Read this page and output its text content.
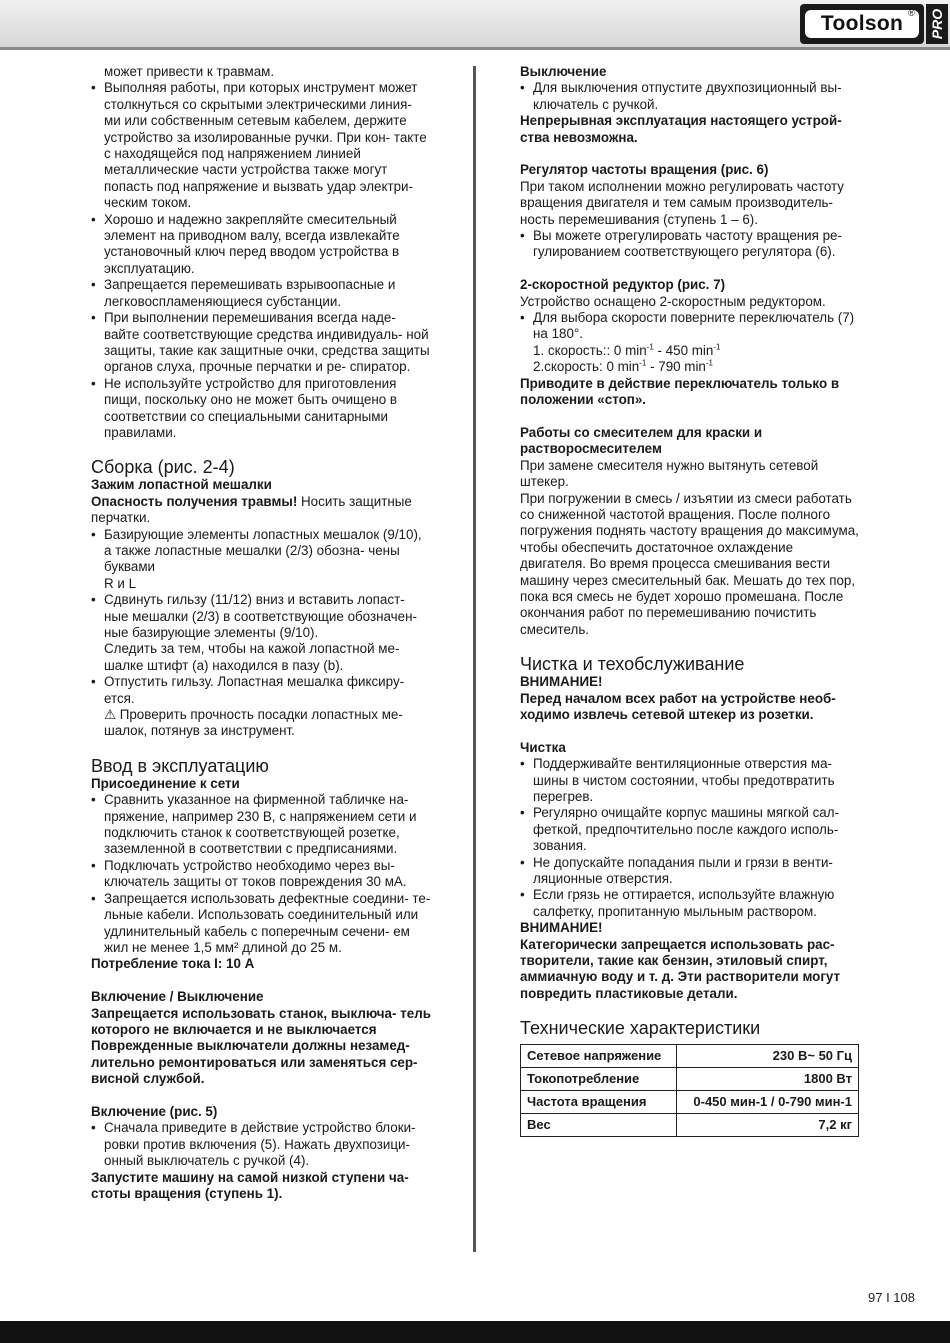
Toolson ® PRO

может привести к травмам.

• Выполняя работы, при которых инструмент может столкнуться со скрытыми электрическими линия- ми или собственным сетевым кабелем, держите устройство за изолированные ручки. При кон- такте с находящейся под напряжением линией металлические части устройства также могут попасть под напряжение и вызвать удар электри- ческим током.
• Хорошо и надежно закрепляйте смесительный элемент на приводном валу, всегда извлекайте установочный ключ перед вводом устройства в эксплуатацию.
• Запрещается перемешивать взрывоопасные и легковоспламеняющиеся субстанции.
• При выполнении перемешивания всегда наде- вайте соответствующие средства индивидуаль- ной защиты, такие как защитные очки, средства защиты органов слуха, прочные перчатки и ре- спиратор.
• Не используйте устройство для приготовления пищи, поскольку оно не может быть очищено в соответствии со специальными санитарными правилами.
Сборка (рис. 2-4)

Зажим лопастной мешалки

Опасность получения травмы! Носить защитные перчатки.

• Базирующие элементы лопастных мешалок (9/10), а также лопастные мешалки (2/3) обозна- чены буквами
R и L
• Сдвинуть гильзу (11/12) вниз и вставить лопаст- ные мешалки (2/3) в соответствующие обозначен- ные базирующие элементы (9/10).
Следить за тем, чтобы на кажой лопастной ме- шалке штифт (a) находился в пазу (b).
• Отпустить гильзу. Лопастная мешалка фиксиру- ется.
⚠ Проверить прочность посадки лопастных ме- шалок, потянув за инструмент.
Ввод в эксплуатацию

Присоединение к сети

• Сравнить указанное на фирменной табличке на- пряжение, например 230 В, с напряжением сети и подключить станок к соответствующей розетке, заземленной в соответствии с предписаниями.
• Подключать устройство необходимо через вы- ключатель защиты от токов повреждения 30 мА.
• Запрещается использовать дефектные соедини- те- льные кабели. Использовать соединительный или удлинительный кабель с поперечным сечени- ем жил не менее 1,5 мм² длиной до 25 м.

Потребление тока I: 10 А

Включение / Выключение

Запрещается использовать станок, выключа- тель которого не включается и не выключается Поврежденные выключатели должны незамед- лительно ремонтироваться или заменяться сер- висной службой.

Включение (рис. 5)

• Сначала приведите в действие устройство блоки- ровки против включения (5). Нажать двухпозици- онный выключатель с ручкой (4).

Запустите машину на самой низкой ступени ча- стоты вращения (ступень 1).

Выключение

• Для выключения отпустите двухпозиционный вы- ключатель с ручкой.

Непрерывная эксплуатация настоящего устрой- ства невозможна.

Регулятор частоты вращения (рис. 6)

При таком исполнении можно регулировать частоту вращения двигателя и тем самым производитель- ность перемешивания (ступень 1 – 6).

• Вы можете отрегулировать частоту вращения ре- гулированием соответствующего регулятора (6).

2-скоростной редуктор (рис. 7)

Устройство оснащено 2-скоростным редуктором.

• Для выбора скорости поверните переключатель (7) на 180°.
1. скорость:: 0 $\min^{-1} - 450$ $\min^{-1}$
2.скорость: 0 $\min^{-1} - 790$ $\min^{-1}$

Приводите в действие переключатель только в положении «стоп».

Работы со смесителем для краски и растворосмесителем

При замене смесителя нужно вытянуть сетевой штекер.

При погружении в смесь / изъятии из смеси работать со сниженной частотой вращения. После полного погружения поднять частоту вращения до максимума, чтобы обеспечить достаточное охлаждение двигателя. Во время процесса смешивания вести машину через смесительный бак. Мешать до тех пор, пока вся смесь не будет хорошо промешана. После окончания работ по перемешиванию почистить смеситель.

Чистка и техобслуживание

ВНИМАНИЕ!

Перед началом всех работ на устройстве необ- ходимо извлечь сетевой штекер из розетки.

Чистка

• Поддерживайте вентиляционные отверстия ма- шины в чистом состоянии, чтобы предотвратить перегрев.
• Регулярно очищайте корпус машины мягкой сал- феткой, предпочтительно после каждого исполь- зования.
• Не допускайте попадания пыли и грязи в венти- ляционные отверстия.
• Если грязь не оттирается, используйте влажную салфетку, пропитанную мыльным раствором.

ВНИМАНИЕ!

Категорически запрещается использовать рас- творители, такие как бензин, этиловый спирт, аммиачную воду и т. д. Эти растворители могут повредить пластиковые детали.

Технические характеристики
Сетевое напряжение	230 В~ 50 Гц
Токопотребление	1800 Вт
Частота вращения	0-450 мин-1 / 0-790 мин-1
Вес	7,2 кг
97 I 108
